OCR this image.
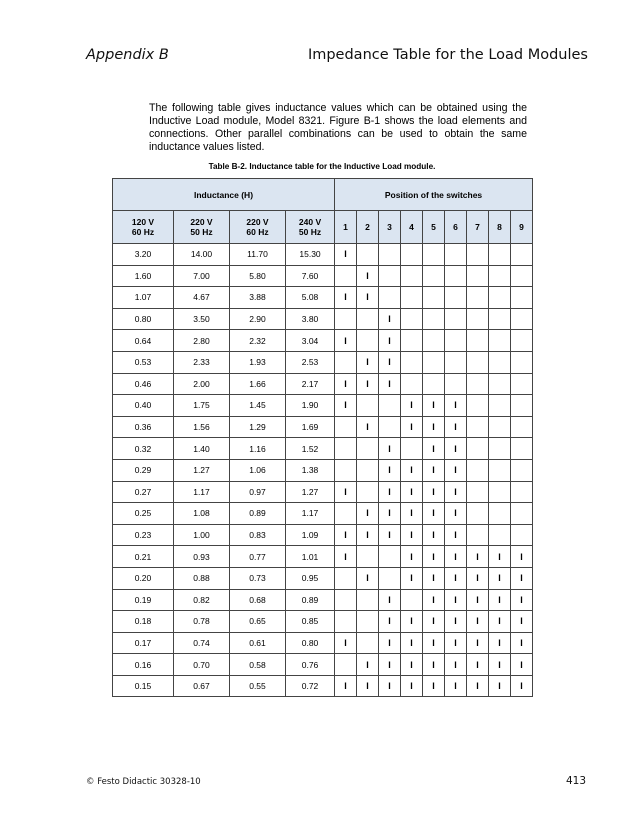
Appendix B	Impedance Table for the Load Modules

The following table gives inductance values which can be obtained using the Inductive Load module, Model 8321. Figure B-1 shows the load elements and connections. Other parallel combinations can be used to obtain the same inductance values listed.

Table B-2. Inductance table for the Inductive Load module.
Inductance (H)				Position of the switches								
120 V
60 Hz	220 V
50 Hz	220 V
60 Hz	240 V
50 Hz	1	2	3	4	5	6	7	8	9
3.20	14.00	11.70	15.30	I								
1.60	7.00	5.80	7.60		I							
1.07	4.67	3.88	5.08	I	I							
0.80	3.50	2.90	3.80			I						
0.64	2.80	2.32	3.04	I		I						
0.53	2.33	1.93	2.53		I	I						
0.46	2.00	1.66	2.17	I	I	I						
0.40	1.75	1.45	1.90	I			I	I	I			
0.36	1.56	1.29	1.69		I		I	I	I			
0.32	1.40	1.16	1.52			I		I	I			
0.29	1.27	1.06	1.38			I	I	I	I			
0.27	1.17	0.97	1.27	I		I	I	I	I			
0.25	1.08	0.89	1.17		I	I	I	I	I			
0.23	1.00	0.83	1.09	I	I	I	I	I	I			
0.21	0.93	0.77	1.01	I			I	I	I	I	I	I
0.20	0.88	0.73	0.95		I		I	I	I	I	I	I
0.19	0.82	0.68	0.89			I		I	I	I	I	I
0.18	0.78	0.65	0.85			I	I	I	I	I	I	I
0.17	0.74	0.61	0.80	I		I	I	I	I	I	I	I
0.16	0.70	0.58	0.76		I	I	I	I	I	I	I	I
0.15	0.67	0.55	0.72	I	I	I	I	I	I	I	I	I
© Festo Didactic 30328-10	413
